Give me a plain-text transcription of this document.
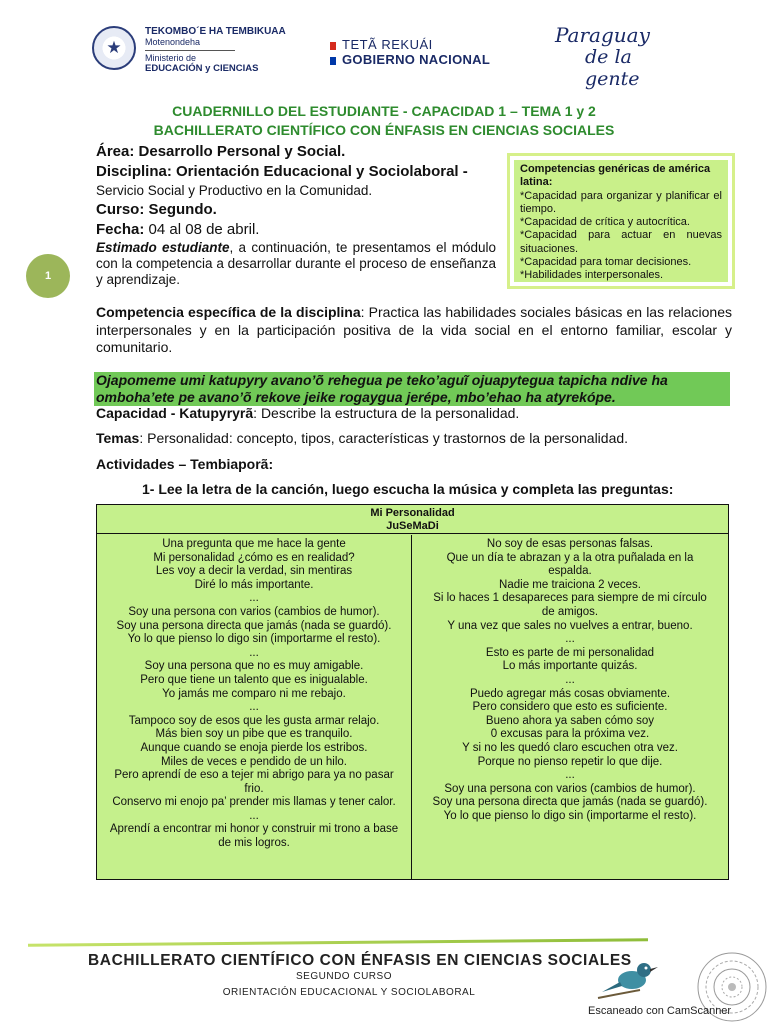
★
TEKOMBO´E HA TEMBIKUAA
Motenondeha
Ministerio de
EDUCACIÓN y CIENCIAS
TETÃ REKUÁI
GOBIERNO NACIONAL
Paraguay
de la gente
CUADERNILLO DEL ESTUDIANTE - CAPACIDAD 1 – TEMA 1 y 2
BACHILLERATO CIENTÍFICO CON ÉNFASIS EN CIENCIAS SOCIALES
Área: Desarrollo Personal y Social.
Disciplina: Orientación Educacional y Sociolaboral -
Servicio Social y Productivo en la Comunidad.
Curso: Segundo.
Fecha: 04 al 08 de abril.
Estimado estudiante, a continuación, te presentamos el módulo con la competencia a desarrollar durante el proceso de enseñanza y aprendizaje.
1
Competencias genéricas de américa latina:
*Capacidad para organizar y planificar el tiempo.
*Capacidad de crítica y autocrítica.
*Capacidad para actuar en nuevas situaciones.
*Capacidad para tomar decisiones.
*Habilidades interpersonales.
Competencia específica de la disciplina: Practica las habilidades sociales básicas en las relaciones interpersonales y en la participación positiva de la vida social en el entorno familiar, escolar y comunitario.
Ojapomeme umi katupyry avano’õ rehegua pe teko’aguĩ ojuapytegua tapicha ndive ha omboha’ete pe avano’õ rekove jeike rogaygua jerépe, mbo’ehao ha atyrekópe.
Capacidad - Katupyryrã: Describe la estructura de la personalidad.
Temas: Personalidad: concepto, tipos, características y trastornos de la personalidad.
Actividades – Tembiaporã:
1- Lee la letra de la canción, luego escucha la música y completa las preguntas:
Mi Personalidad
JuSeMaDi
Una pregunta que me hace la gente
Mi personalidad ¿cómo es en realidad?
Les voy a decir la verdad, sin mentiras
Diré lo más importante.
...
Soy una persona con varios (cambios de humor).
Soy una persona directa que jamás (nada se guardó).
Yo lo que pienso lo digo sin (importarme el resto).
...
Soy una persona que no es muy amigable.
Pero que tiene un talento que es inigualable.
Yo jamás me comparo ni me rebajo.
...
Tampoco soy de esos que les gusta armar relajo.
Más bien soy un pibe que es tranquilo.
Aunque cuando se enoja pierde los estribos.
Miles de veces e pendido de un hilo.
Pero aprendí de eso a tejer mi abrigo para ya no pasar frio.
Conservo mi enojo pa’ prender mis llamas y tener calor.
...
Aprendí a encontrar mi honor y construir mi trono a base de mis logros.
No soy de esas personas falsas.
Que un día te abrazan y a la otra puñalada en la espalda.
Nadie me traiciona 2 veces.
Si lo haces 1 desapareces para siempre de mi círculo de amigos.
Y una vez que sales no vuelves a entrar, bueno.
...
Esto es parte de mi personalidad
Lo más importante quizás.
...
Puedo agregar más cosas obviamente.
Pero considero que esto es suficiente.
Bueno ahora ya saben cómo soy
0 excusas para la próxima vez.
Y si no les quedó claro escuchen otra vez.
Porque no pienso repetir lo que dije.
...
Soy una persona con varios (cambios de humor).
Soy una persona directa que jamás (nada se guardó).
Yo lo que pienso lo digo sin (importarme el resto).
BACHILLERATO CIENTÍFICO CON ÉNFASIS EN CIENCIAS SOCIALES
SEGUNDO CURSO
ORIENTACIÓN EDUCACIONAL Y SOCIOLABORAL
Escaneado con CamScanner
